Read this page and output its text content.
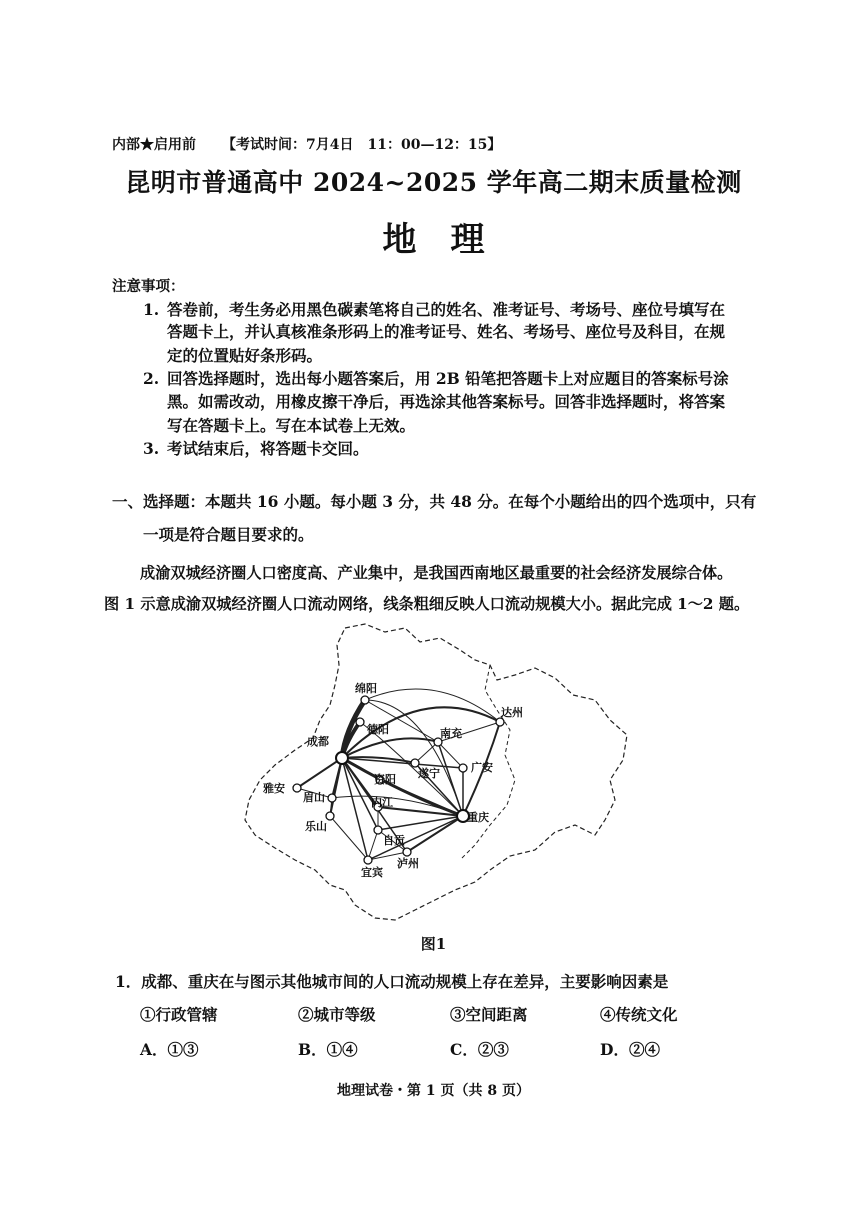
内部★启用前 【考试时间：7月4日　11：00—12：15】
昆明市普通高中 2024~2025 学年高二期末质量检测
地　理
注意事项：
1. 答卷前，考生务必用黑色碳素笔将自己的姓名、准考证号、考场号、座位号填写在
答题卡上，并认真核准条形码上的准考证号、姓名、考场号、座位号及科目，在规
定的位置贴好条形码。
2. 回答选择题时，选出每小题答案后，用 2B 铅笔把答题卡上对应题目的答案标号涂
黑。如需改动，用橡皮擦干净后，再选涂其他答案标号。回答非选择题时，将答案
写在答题卡上。写在本试卷上无效。
3. 考试结束后，将答题卡交回。
一、选择题：本题共 16 小题。每小题 3 分，共 48 分。在每个小题给出的四个选项中，只有
一项是符合题目要求的。
成渝双城经济圈人口密度高、产业集中，是我国西南地区最重要的社会经济发展综合体。
图 1 示意成渝双城经济圈人口流动网络，线条粗细反映人口流动规模大小。据此完成 1～2 题。
绵阳
德阳
达州
南充
成都
广安
遂宁
资阳
雅安
眉山	内江
重庆
乐山
自贡
泸州
宜宾
图1
1．成都、重庆在与图示其他城市间的人口流动规模上存在差异，主要影响因素是
①行政管辖	②城市等级	③空间距离	④传统文化
A．①③	B．①④	C．②③	D．②④
地理试卷・第 1 页（共 8 页）
